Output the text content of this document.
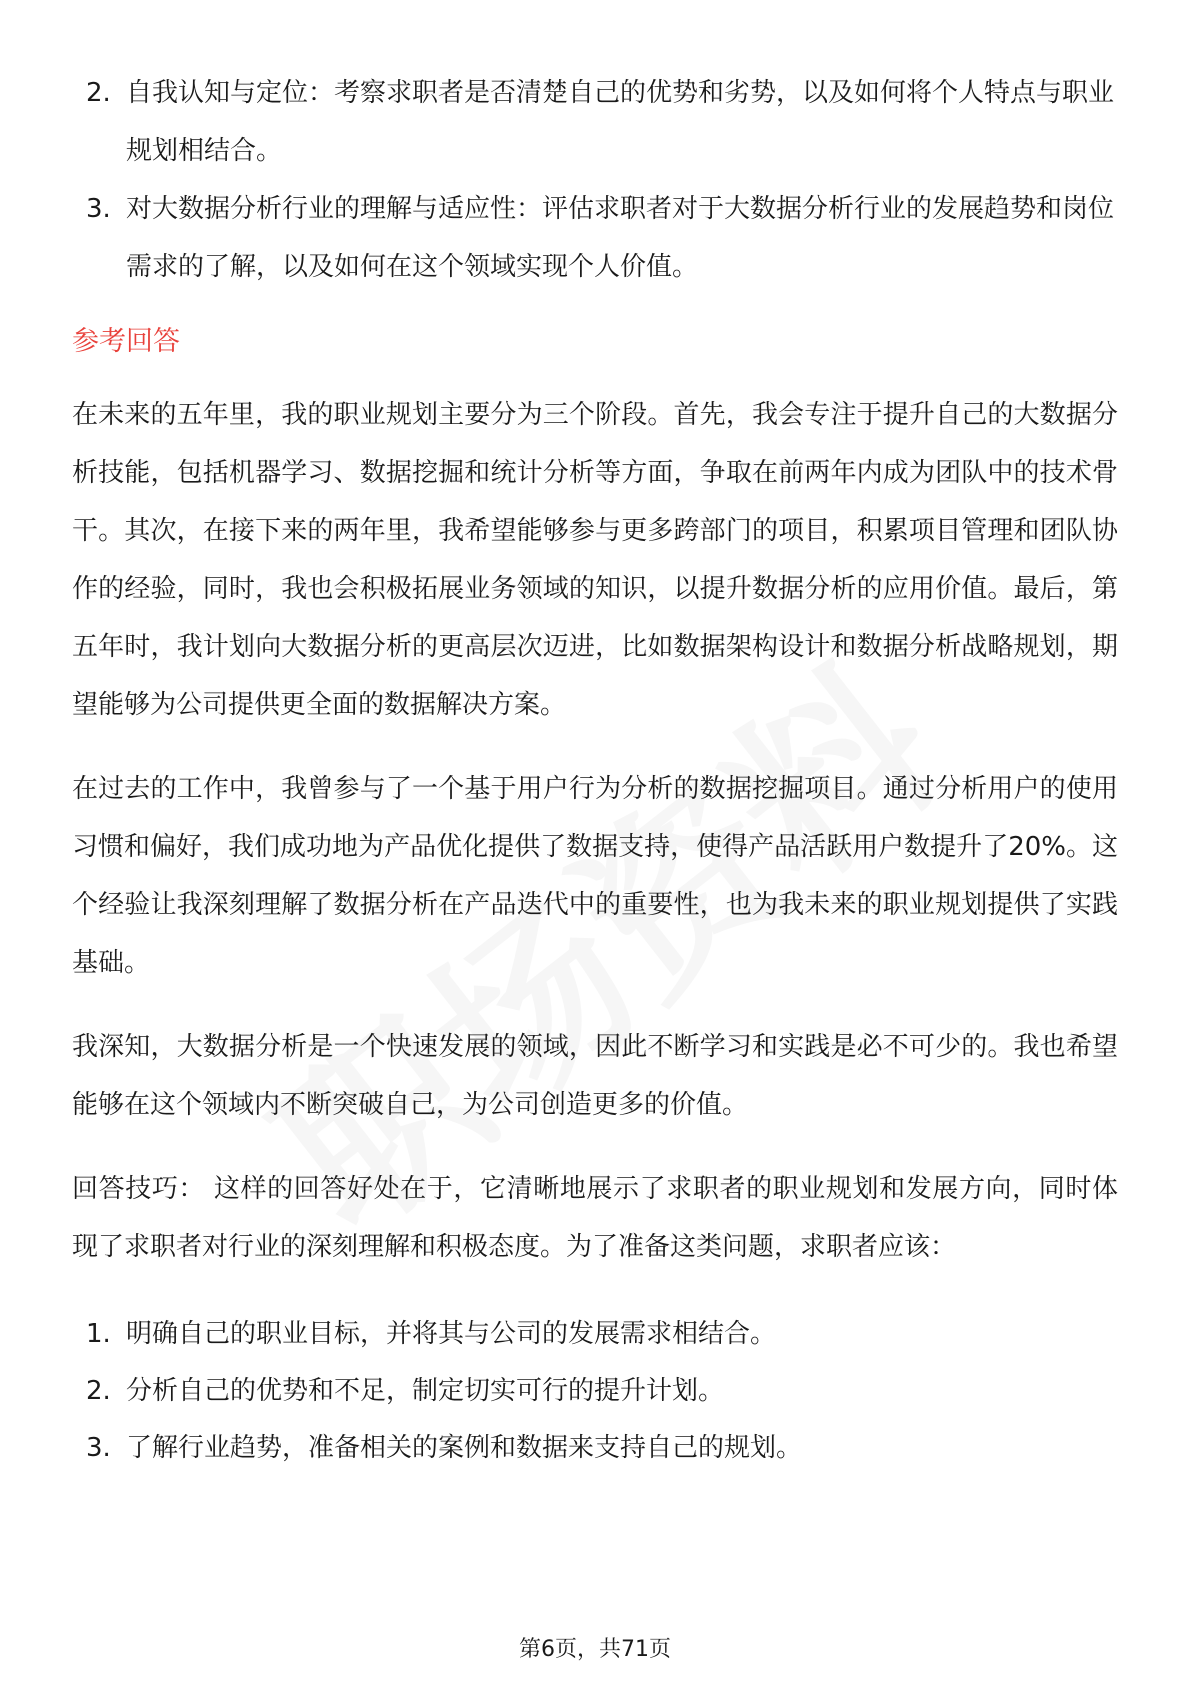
2. 自我认知与定位：考察求职者是否清楚自己的优势和劣势，以及如何将个人特点与职业规划相结合。
3. 对大数据分析行业的理解与适应性：评估求职者对于大数据分析行业的发展趋势和岗位需求的了解，以及如何在这个领域实现个人价值。
参考回答

在未来的五年里，我的职业规划主要分为三个阶段。首先，我会专注于提升自己的大数据分析技能，包括机器学习、数据挖掘和统计分析等方面，争取在前两年内成为团队中的技术骨干。其次，在接下来的两年里，我希望能够参与更多跨部门的项目，积累项目管理和团队协作的经验，同时，我也会积极拓展业务领域的知识，以提升数据分析的应用价值。最后，第五年时，我计划向大数据分析的更高层次迈进，比如数据架构设计和数据分析战略规划，期望能够为公司提供更全面的数据解决方案。

在过去的工作中，我曾参与了一个基于用户行为分析的数据挖掘项目。通过分析用户的使用习惯和偏好，我们成功地为产品优化提供了数据支持，使得产品活跃用户数提升了20%。这个经验让我深刻理解了数据分析在产品迭代中的重要性，也为我未来的职业规划提供了实践基础。

我深知，大数据分析是一个快速发展的领域，因此不断学习和实践是必不可少的。我也希望能够在这个领域内不断突破自己，为公司创造更多的价值。

回答技巧： 这样的回答好处在于，它清晰地展示了求职者的职业规划和发展方向，同时体现了求职者对行业的深刻理解和积极态度。为了准备这类问题，求职者应该：

1. 明确自己的职业目标，并将其与公司的发展需求相结合。
2. 分析自己的优势和不足，制定切实可行的提升计划。
3. 了解行业趋势，准备相关的案例和数据来支持自己的规划。
第6页，共71页
